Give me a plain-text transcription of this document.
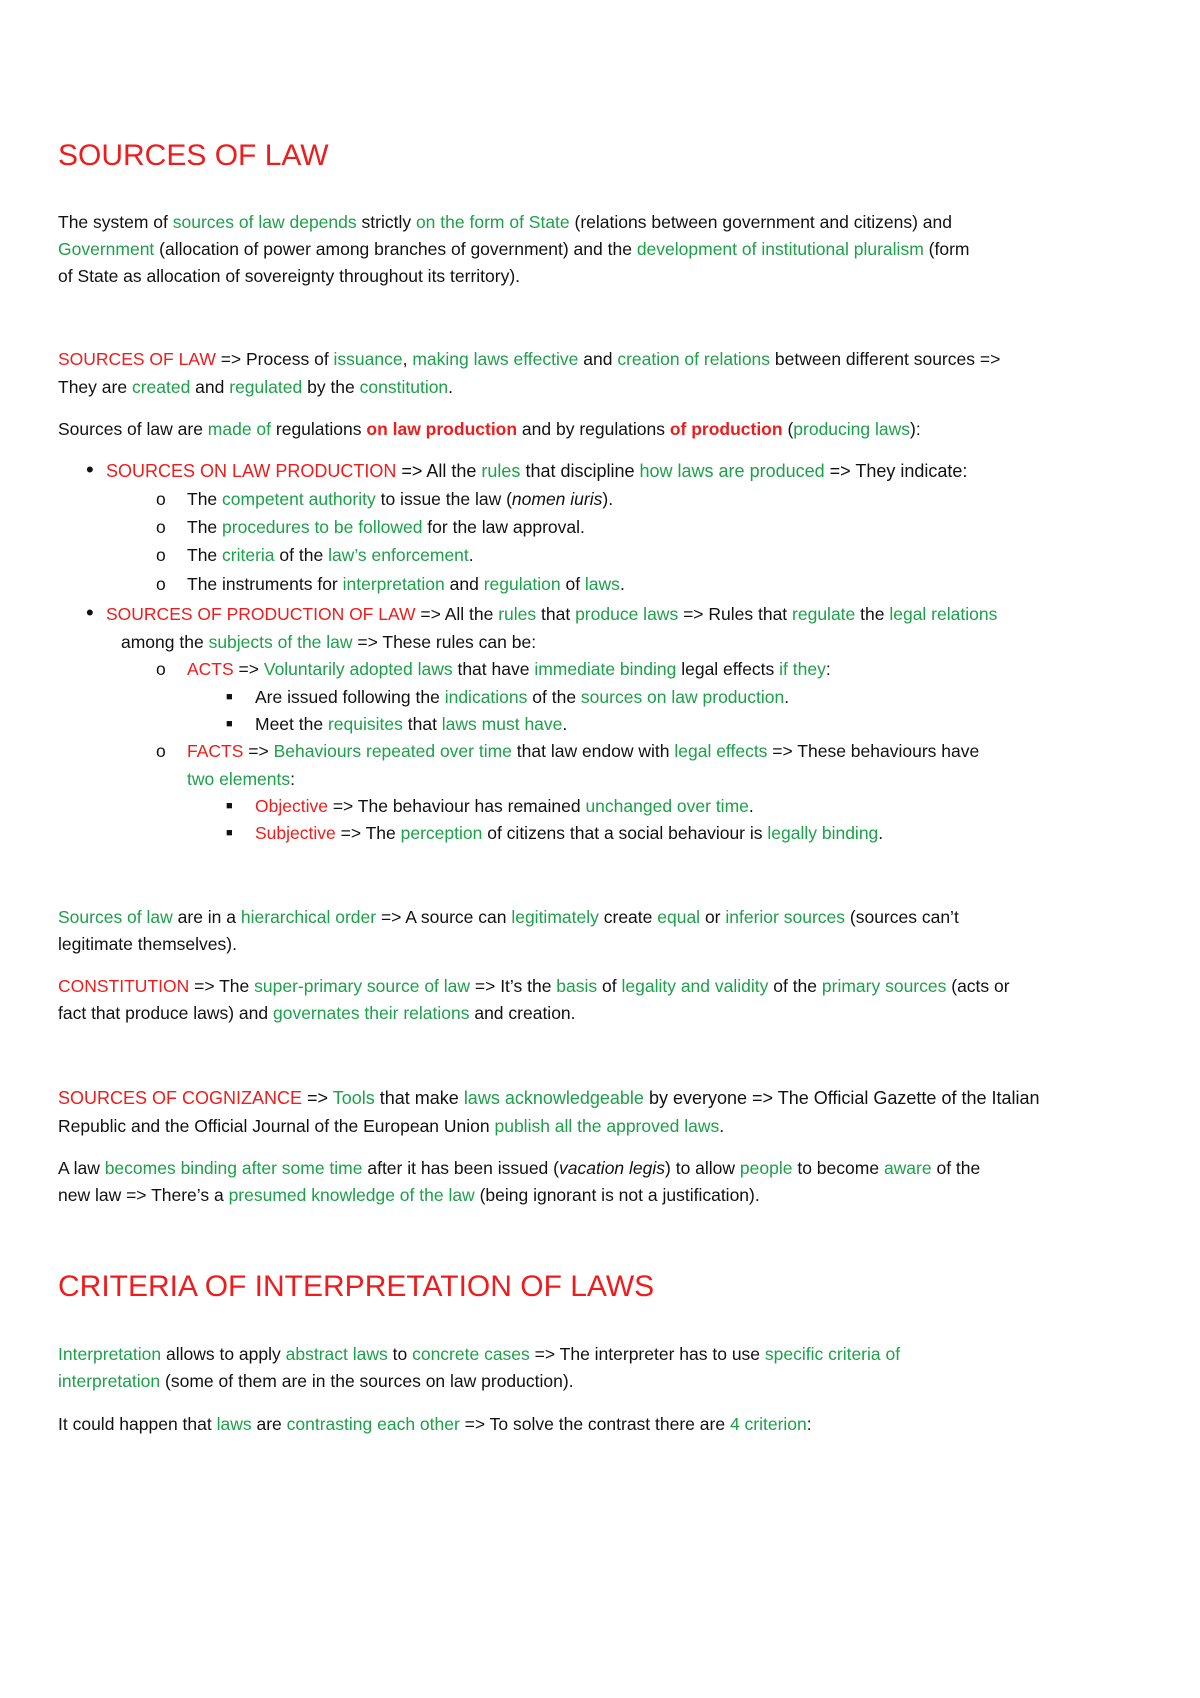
SOURCES OF LAW
The system of sources of law depends strictly on the form of State (relations between government and citizens) and
Government (allocation of power among branches of government) and the development of institutional pluralism (form
of State as allocation of sovereignty throughout its territory).
SOURCES OF LAW => Process of issuance, making laws effective and creation of relations between different sources =>
They are created and regulated by the constitution.
Sources of law are made of regulations on law production and by regulations of production (producing laws):
• SOURCES ON LAW PRODUCTION => All the rules that discipline how laws are produced => They indicate:
o The competent authority to issue the law (nomen iuris).
o The procedures to be followed for the law approval.
o The criteria of the law’s enforcement.
o The instruments for interpretation and regulation of laws.
• SOURCES OF PRODUCTION OF LAW => All the rules that produce laws => Rules that regulate the legal relations
among the subjects of the law => These rules can be:
o ACTS => Voluntarily adopted laws that have immediate binding legal effects if they:
■ Are issued following the indications of the sources on law production.
■ Meet the requisites that laws must have.
o FACTS => Behaviours repeated over time that law endow with legal effects => These behaviours have
two elements:
■ Objective => The behaviour has remained unchanged over time.
■ Subjective => The perception of citizens that a social behaviour is legally binding.
Sources of law are in a hierarchical order => A source can legitimately create equal or inferior sources (sources can’t
legitimate themselves).
CONSTITUTION => The super-primary source of law => It’s the basis of legality and validity of the primary sources (acts or
fact that produce laws) and governates their relations and creation.
SOURCES OF COGNIZANCE => Tools that make laws acknowledgeable by everyone => The Official Gazette of the Italian
Republic and the Official Journal of the European Union publish all the approved laws.
A law becomes binding after some time after it has been issued (vacation legis) to allow people to become aware of the
new law => There’s a presumed knowledge of the law (being ignorant is not a justification).
CRITERIA OF INTERPRETATION OF LAWS
Interpretation allows to apply abstract laws to concrete cases => The interpreter has to use specific criteria of
interpretation (some of them are in the sources on law production).
It could happen that laws are contrasting each other => To solve the contrast there are 4 criterion:
